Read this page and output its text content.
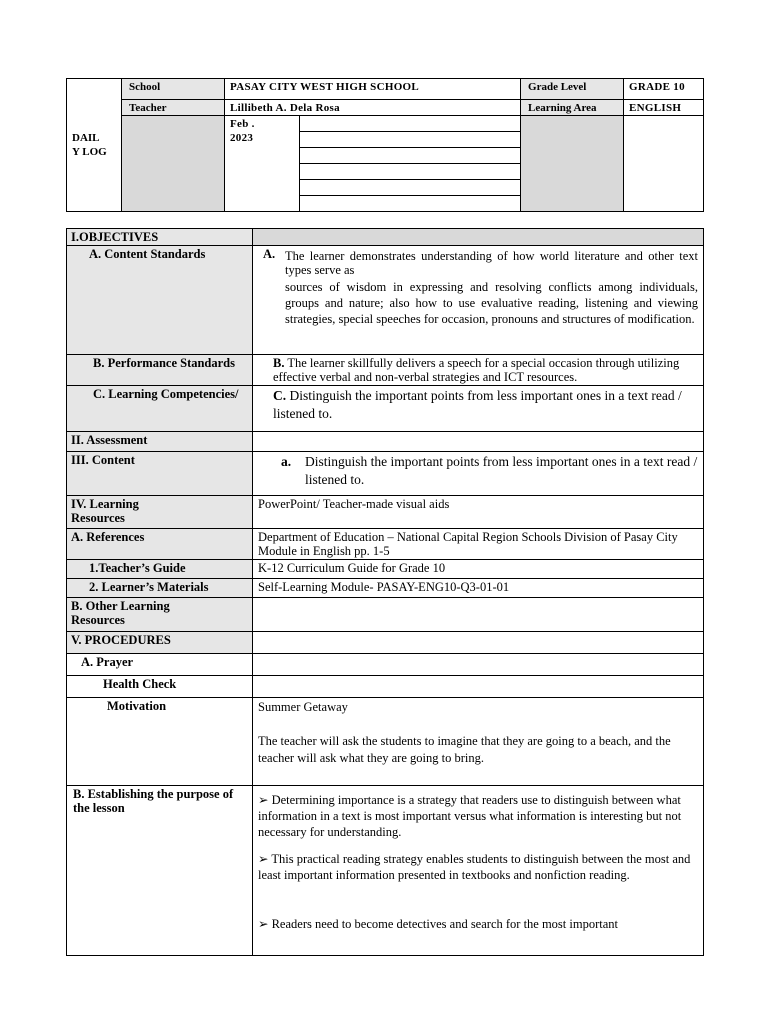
DAIL
Y LOG	School	PASAY CITY WEST HIGH SCHOOL	Grade Level	GRADE 10
Teacher	Lillibeth A. Dela Rosa	Learning Area	ENGLISH
	Feb .
2023	

I.OBJECTIVES	
A. Content Standards	A. The learner demonstrates understanding of how world literature and other text types serve as

sources of wisdom in expressing and resolving conflicts among individuals, groups and nature; also how to use evaluative reading, listening and viewing strategies, special speeches for occasion, pronouns and structures of modification.

B. Performance Standards	B. The learner skillfully delivers a speech for a special occasion through utilizing effective verbal and non-verbal strategies and ICT resources.

C. Learning Competencies/	C. Distinguish the important points from less important ones in a text read / listened to.
II. Assessment	
III. Content	a. Distinguish the important points from less important ones in a text read / listened to.

IV. Learning Resources	PowerPoint/ Teacher-made visual aids
A. References	Department of Education – National Capital Region Schools Division of Pasay City Module in English pp. 1-5
1.Teacher’s Guide	K-12 Curriculum Guide for Grade 10
2. Learner’s Materials	Self-Learning Module- PASAY-ENG10-Q3-01-01

B. Other Learning Resources	

V. PROCEDURES	
A. Prayer	
Health Check	
Motivation	Summer Getaway

The teacher will ask the students to imagine that they are going to a beach, and the teacher will ask what they are going to bring.

B. Establishing the purpose of the lesson	➢ Determining importance is a strategy that readers use to distinguish between what information in a text is most important versus what information is interesting but not necessary for understanding.

➢ This practical reading strategy enables students to distinguish between the most and least important information presented in textbooks and nonfiction reading.

➢ Readers need to become detectives and search for the most important
